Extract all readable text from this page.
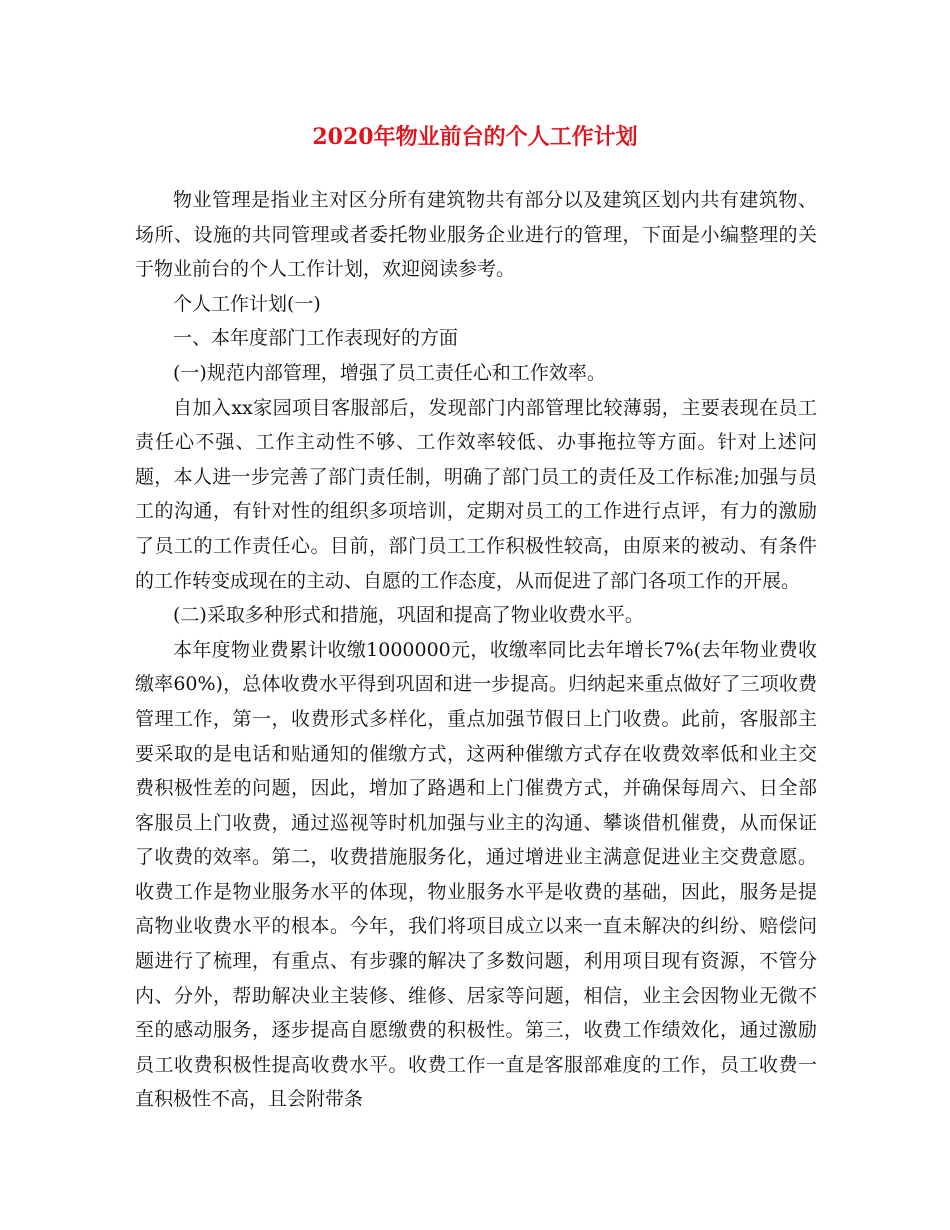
2020年物业前台的个人工作计划

物业管理是指业主对区分所有建筑物共有部分以及建筑区划内共有建筑物、场所、设施的共同管理或者委托物业服务企业进行的管理，下面是小编整理的关于物业前台的个人工作计划，欢迎阅读参考。

个人工作计划(一)

一、本年度部门工作表现好的方面

(一)规范内部管理，增强了员工责任心和工作效率。

自加入xx家园项目客服部后，发现部门内部管理比较薄弱，主要表现在员工责任心不强、工作主动性不够、工作效率较低、办事拖拉等方面。针对上述问题，本人进一步完善了部门责任制，明确了部门员工的责任及工作标准;加强与员工的沟通，有针对性的组织多项培训，定期对员工的工作进行点评，有力的激励了员工的工作责任心。目前，部门员工工作积极性较高，由原来的被动、有条件的工作转变成现在的主动、自愿的工作态度，从而促进了部门各项工作的开展。

(二)采取多种形式和措施，巩固和提高了物业收费水平。

本年度物业费累计收缴1000000元，收缴率同比去年增长7%(去年物业费收缴率60%)，总体收费水平得到巩固和进一步提高。归纳起来重点做好了三项收费管理工作，第一，收费形式多样化，重点加强节假日上门收费。此前，客服部主要采取的是电话和贴通知的催缴方式，这两种催缴方式存在收费效率低和业主交费积极性差的问题，因此，增加了路遇和上门催费方式，并确保每周六、日全部客服员上门收费，通过巡视等时机加强与业主的沟通、攀谈借机催费，从而保证了收费的效率。第二，收费措施服务化，通过增进业主满意促进业主交费意愿。收费工作是物业服务水平的体现，物业服务水平是收费的基础，因此，服务是提高物业收费水平的根本。今年，我们将项目成立以来一直未解决的纠纷、赔偿问题进行了梳理，有重点、有步骤的解决了多数问题，利用项目现有资源，不管分内、分外，帮助解决业主装修、维修、居家等问题，相信，业主会因物业无微不至的感动服务，逐步提高自愿缴费的积极性。第三，收费工作绩效化，通过激励员工收费积极性提高收费水平。收费工作一直是客服部难度的工作，员工收费一直积极性不高，且会附带条
